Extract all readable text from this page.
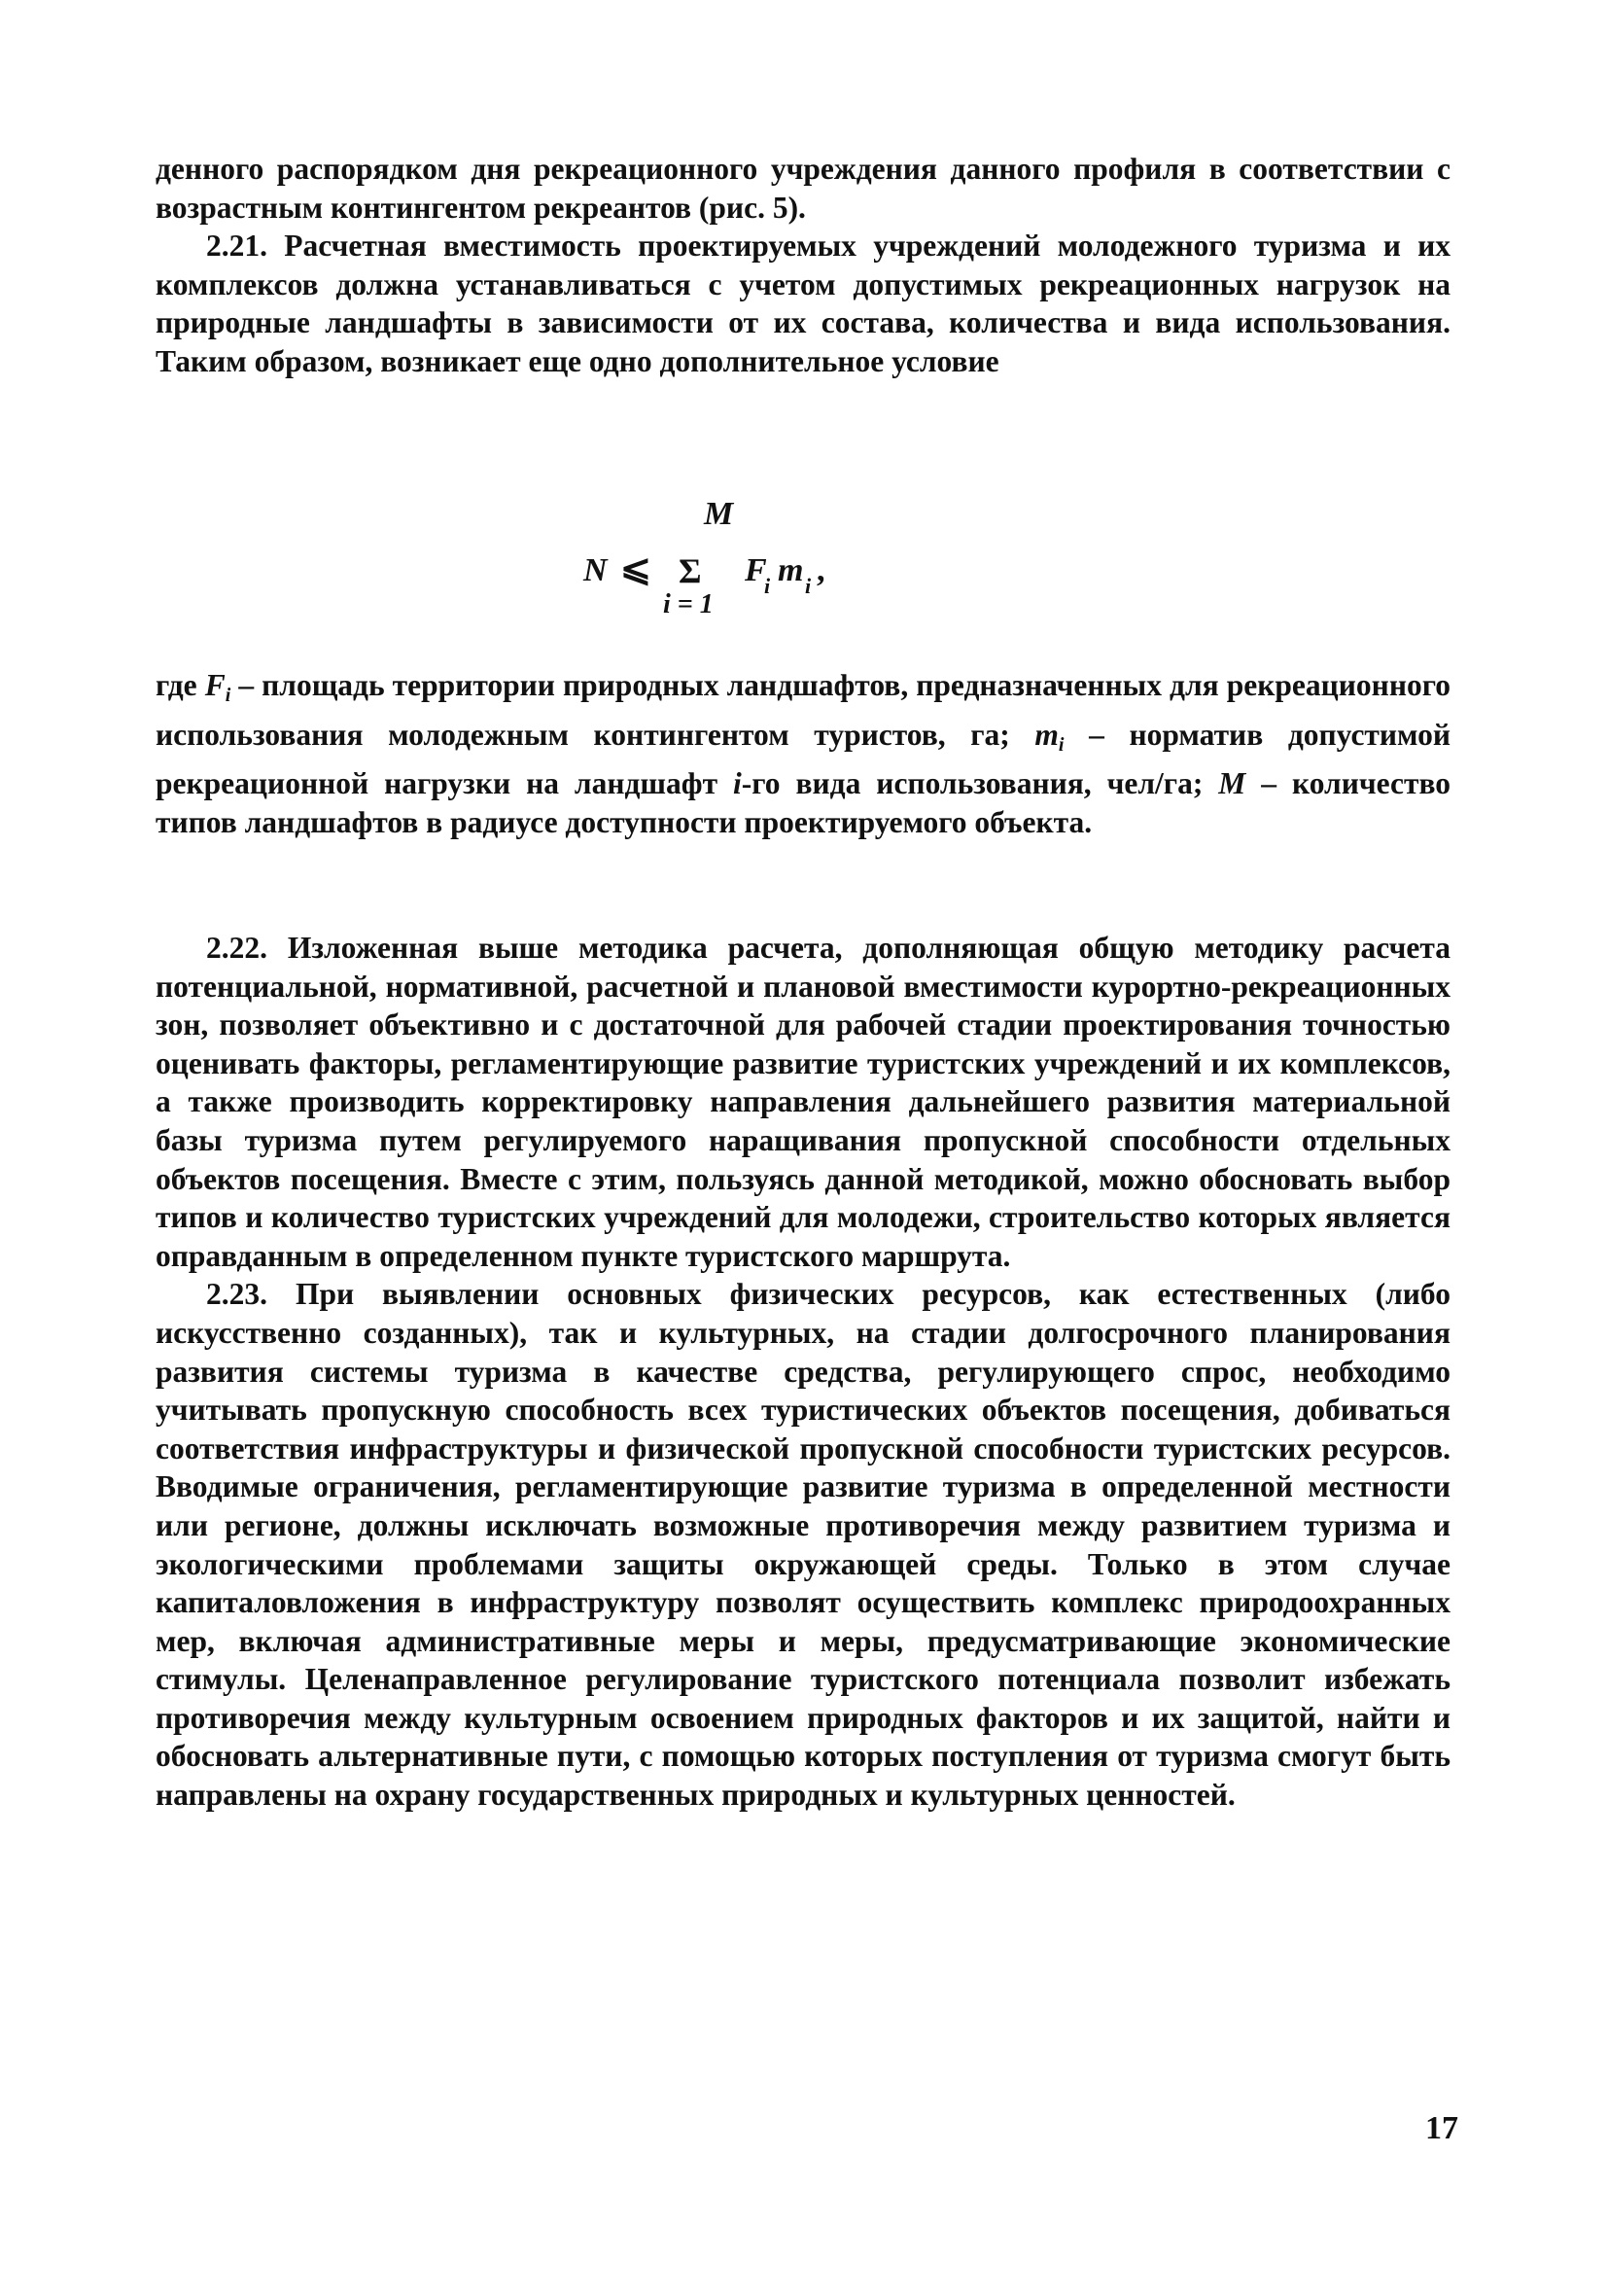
денного распорядком дня рекреационного учреждения данного профиля в соответствии с возрастным контингентом рекреантов (рис. 5).

2.21. Расчетная вместимость проектируемых учреждений молодежного туризма и их комплексов должна устанавливаться с учетом допустимых рекреационных нагрузок на природные ландшафты в зависимости от их состава, количества и вида использования. Таким образом, возникает еще одно дополнительное условие

M
N ⩽ Σ
i = 1
F
i m i ,

где $F_i$ – площадь территории природных ландшафтов, предназначенных для рекреационного использования молодежным контингентом туристов, га; $m_i$ – норматив допустимой рекреационной нагрузки на ландшафт i-го вида использования, чел/га; M – количество типов ландшафтов в радиусе доступности проектируемого объекта.

2.22. Изложенная выше методика расчета, дополняющая общую методику расчета потенциальной, нормативной, расчетной и плановой вместимости курортно-рекреационных зон, позволяет объективно и с достаточной для рабочей стадии проектирования точностью оценивать факторы, регламентирующие развитие туристских учреждений и их комплексов, а также производить корректировку направления дальнейшего развития материальной базы туризма путем регулируемого наращивания пропускной способности отдельных объектов посещения. Вместе с этим, пользуясь данной методикой, можно обосновать выбор типов и количество туристских учреждений для молодежи, строительство которых является оправданным в определенном пункте туристского маршрута.

2.23. При выявлении основных физических ресурсов, как естественных (либо искусственно созданных), так и культурных, на стадии долгосрочного планирования развития системы туризма в качестве средства, регулирующего спрос, необходимо учитывать пропускную способность всех туристических объектов посещения, добиваться соответствия инфраструктуры и физической пропускной способности туристских ресурсов. Вводимые ограничения, регламентирующие развитие туризма в определенной местности или регионе, должны исключать возможные противоречия между развитием туризма и экологическими проблемами защиты окружающей среды. Только в этом случае капиталовложения в инфраструктуру позволят осуществить комплекс природоохранных мер, включая административные меры и меры, предусматривающие экономические стимулы. Целенаправленное регулирование туристского потенциала позволит избежать противоречия между культурным освоением природных факторов и их защитой, найти и обосновать альтернативные пути, с помощью которых поступления от туризма смогут быть направлены на охрану государственных природных и культурных ценностей.

17
